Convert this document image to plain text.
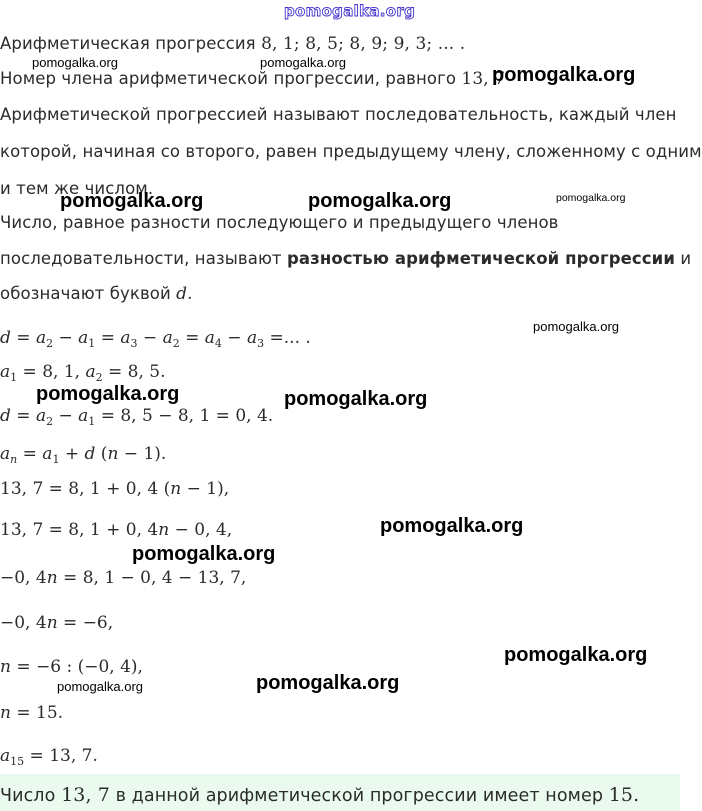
pomogalka.org
Арифметическая прогрессия 8, 1; 8, 5; 8, 9; 9, 3; ... .
Номер члена арифметической прогрессии, равного 13, 7
Арифметической прогрессией называют последовательность, каждый член
которой, начиная со второго, равен предыдущему члену, сложенному с одним
и тем же числом.
Число, равное разности последующего и предыдущего членов
последовательности, называют разностью арифметической прогрессии и
обозначают буквой d.
$d = a_2 - a_1 = a_3 - a_2 = a_4 - a_3$ =... .
$a_1 = 8$, 1, $a_2 = 8$, 5.
$d = a_2 - a_1 = 8$, 5 − 8, 1 = 0, 4.
$a_n = a_1 + d$ (n − 1).
13, 7 = 8, 1 + 0, 4 (n − 1),
13, 7 = 8, 1 + 0, 4n − 0, 4,
−0, 4n = 8, 1 − 0, 4 − 13, 7,
−0, 4n = −6,
n = −6 : (−0, 4),
n = 15.
$a_{15} = 13$, 7.
Число 13, 7 в данной арифметической прогрессии имеет номер 15.
pomogalka.org	pomogalka.org
pomogalka.org
pomogalka.org	pomogalka.org	pomogalka.org
pomogalka.org
pomogalka.org	pomogalka.org
pomogalka.org
pomogalka.org
pomogalka.org
pomogalka.org
pomogalka.org
